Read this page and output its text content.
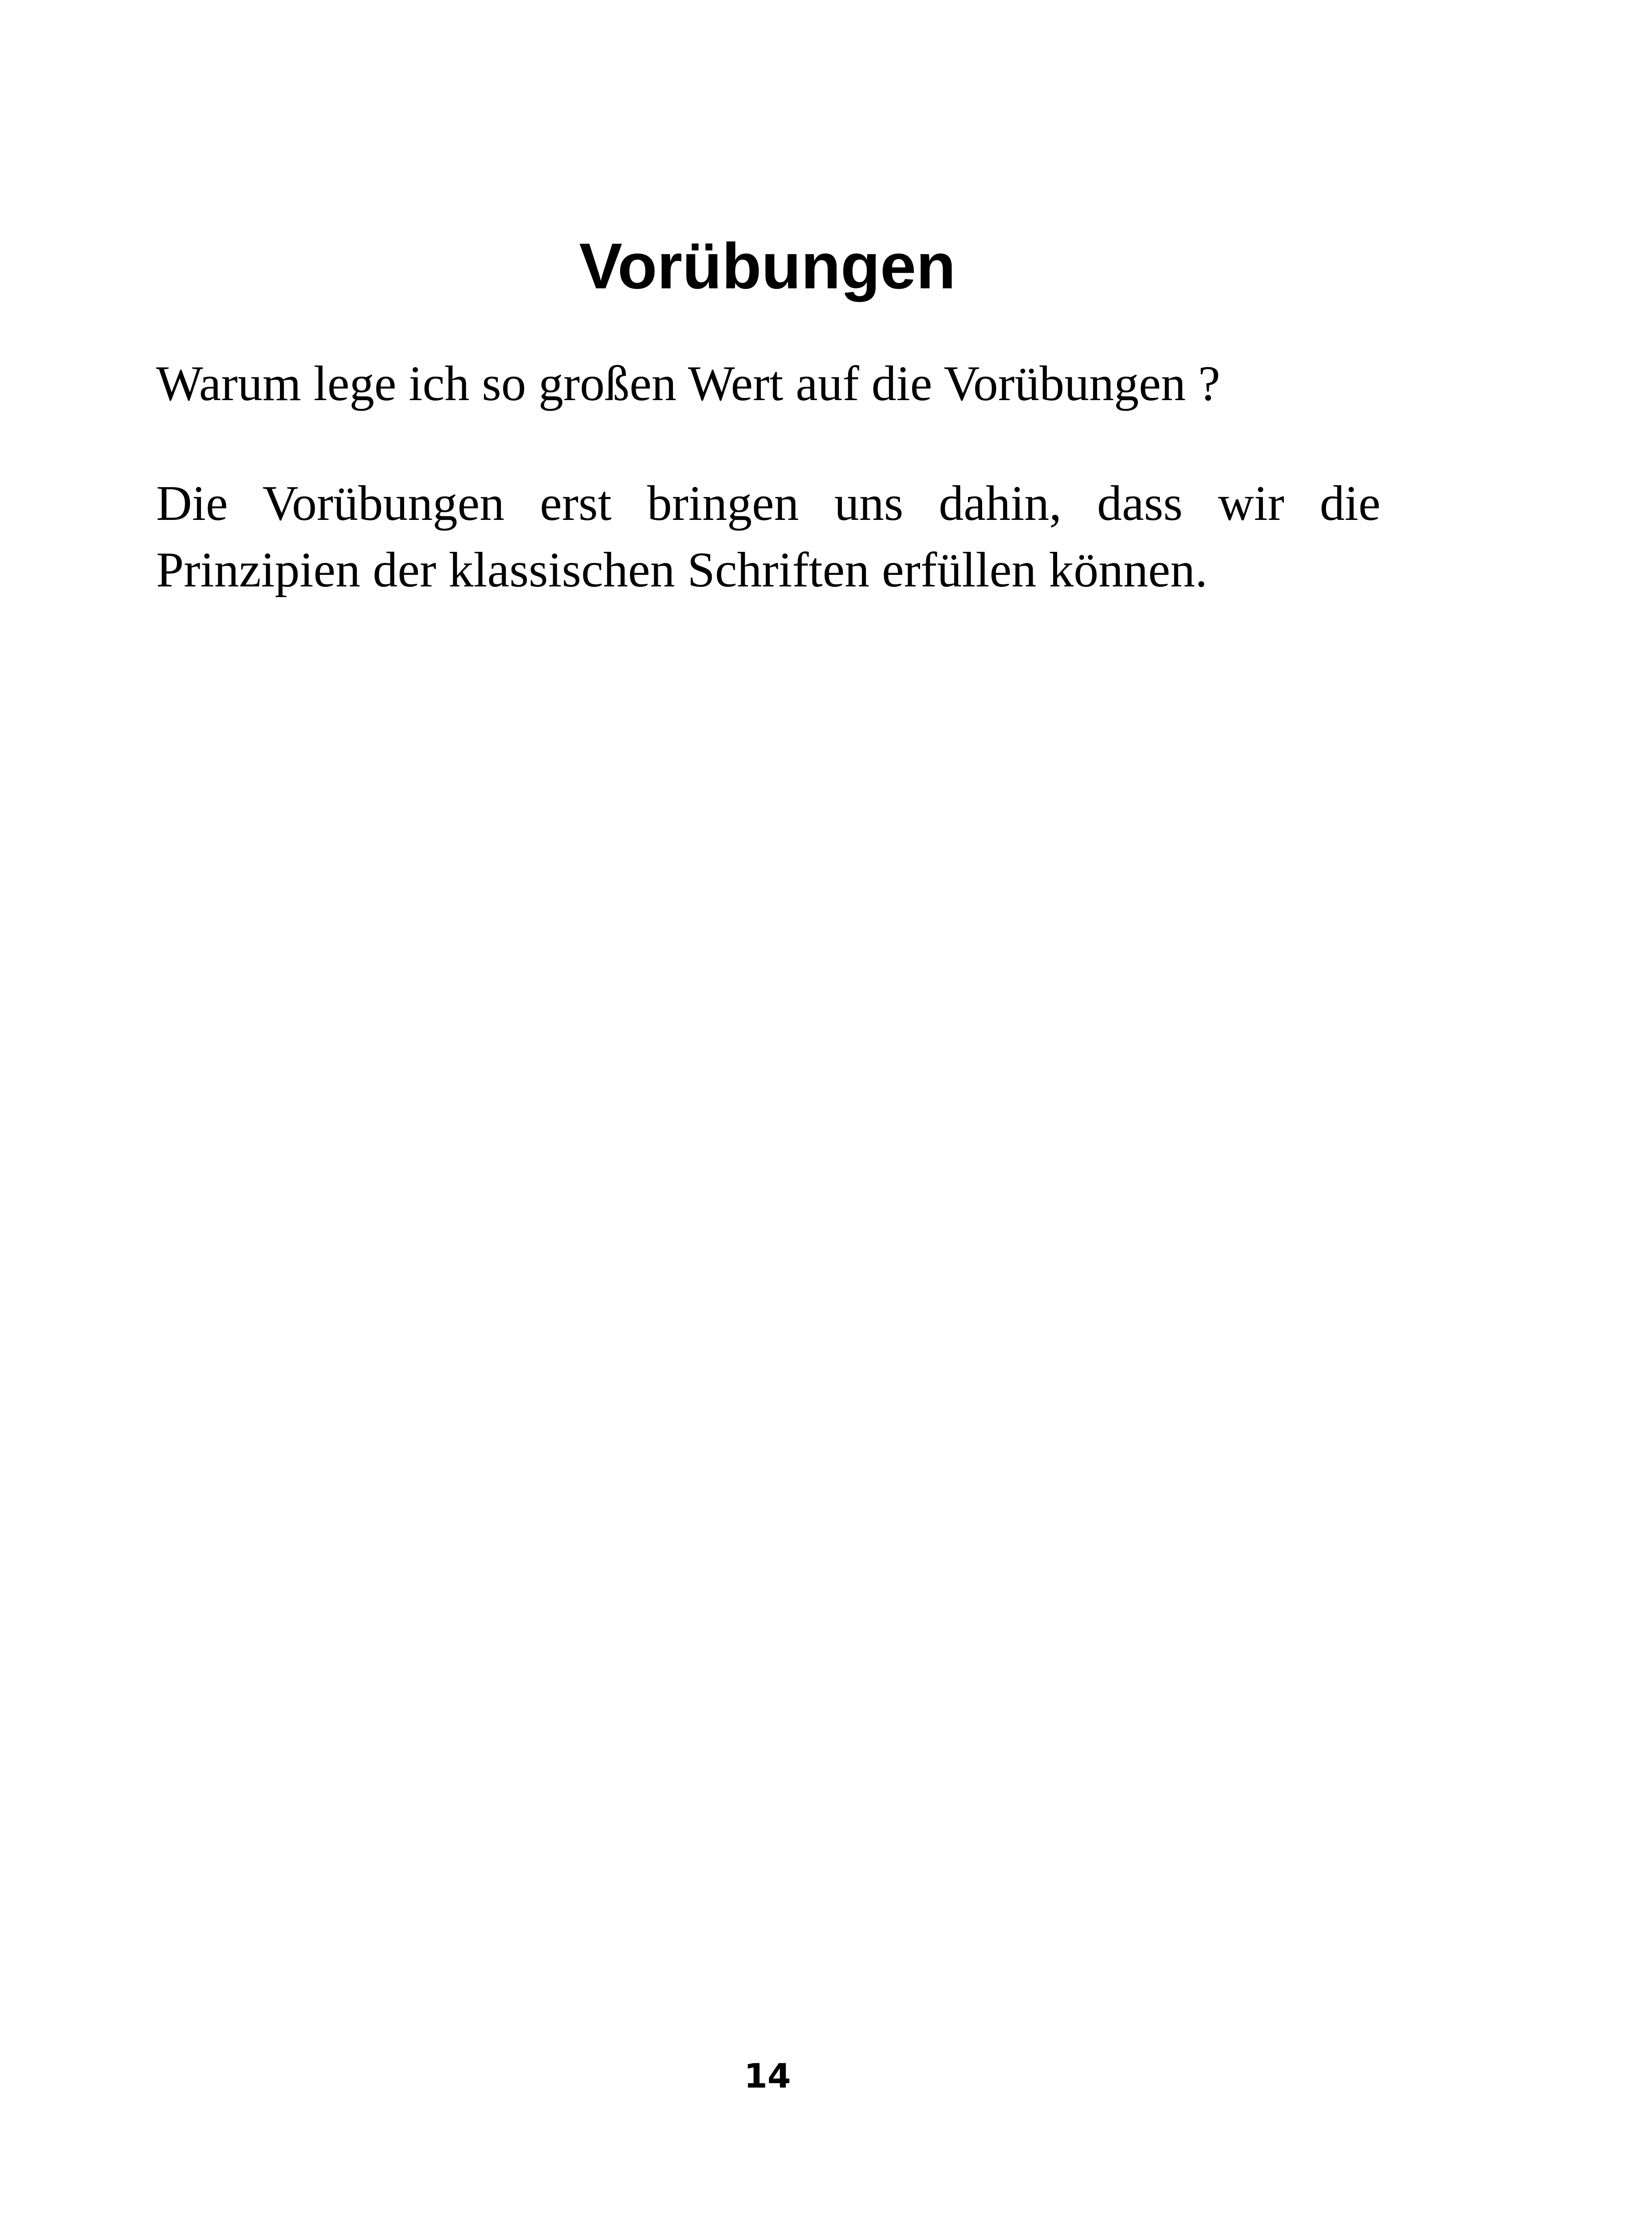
Vorübungen

Warum lege ich so großen Wert auf die Vorübungen ?

Die Vorübungen erst bringen uns dahin, dass wir die Prinzipien der klassischen Schriften erfüllen können.

14
